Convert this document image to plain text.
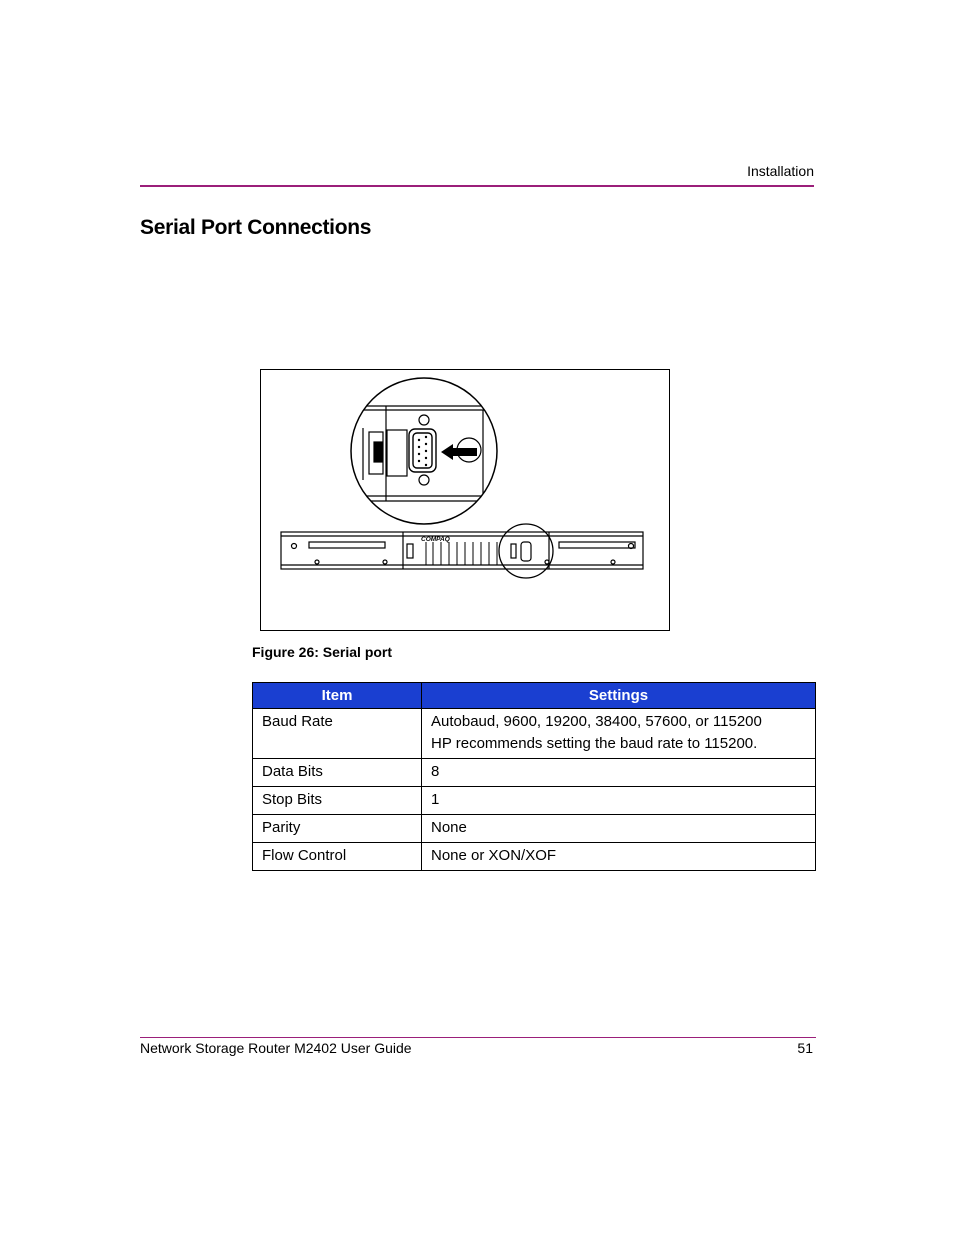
Installation
Serial Port Connections
COMPAQ
Figure 26: Serial port
Item	Settings
Baud Rate	Autobaud, 9600, 19200, 38400, 57600, or 115200
HP recommends setting the baud rate to 115200.

Data Bits	8
Stop Bits	1
Parity	None
Flow Control	None or XON/XOF
Network Storage Router M2402 User Guide	51
